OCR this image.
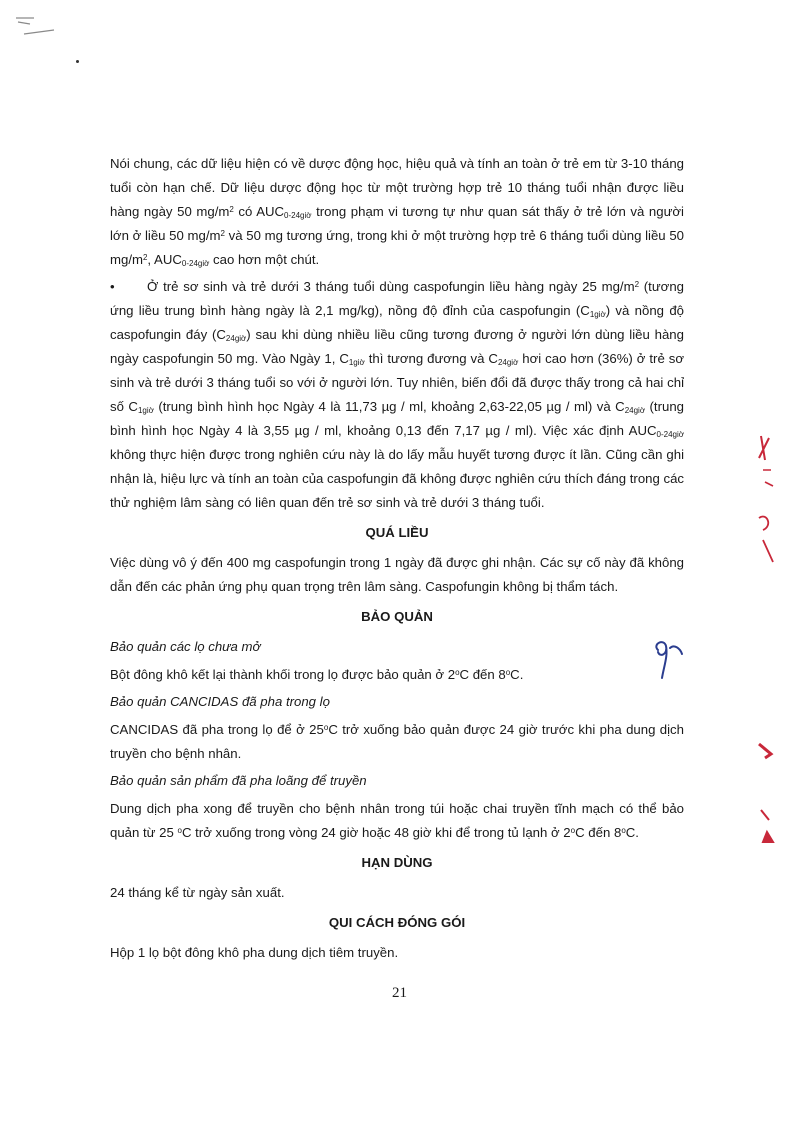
Nói chung, các dữ liệu hiện có về dược động học, hiệu quả và tính an toàn ở trẻ em từ 3-10 tháng tuổi còn hạn chế. Dữ liệu dược động học từ một trường hợp trẻ 10 tháng tuổi nhận được liều hàng ngày 50 $mg/m^2$ có $AUC_{0-24giờ}$ trong phạm vi tương tự như quan sát thấy ở trẻ lớn và người lớn ở liều 50 $mg/m^2$ và 50 mg tương ứng, trong khi ở một trường hợp trẻ 6 tháng tuổi dùng liều 50 $mg/m^2$, $AUC_{0-24giờ}$ cao hơn một chút.

• Ở trẻ sơ sinh và trẻ dưới 3 tháng tuổi dùng caspofungin liều hàng ngày 25 $mg/m^2$ (tương ứng liều trung bình hàng ngày là 2,1 mg/kg), nồng độ đỉnh của caspofungin $(C_{1giờ})$ và nồng độ caspofungin đáy $(C_{24giờ})$ sau khi dùng nhiều liều cũng tương đương ở người lớn dùng liều hàng ngày caspofungin 50 mg. Vào Ngày 1, $C_{1giờ}$ thì tương đương và $C_{24giờ}$ hơi cao hơn (36%) ở trẻ sơ sinh và trẻ dưới 3 tháng tuổi so với ở người lớn. Tuy nhiên, biến đổi đã được thấy trong cả hai chỉ số $C_{1giờ}$ (trung bình hình học Ngày 4 là 11,73 µg / ml, khoảng 2,63-22,05 µg / ml) và $C_{24giờ}$ (trung bình hình học Ngày 4 là 3,55 µg / ml, khoảng 0,13 đến 7,17 µg / ml). Việc xác định $AUC_{0-24giờ}$ không thực hiện được trong nghiên cứu này là do lấy mẫu huyết tương được ít lần. Cũng cần ghi nhận là, hiệu lực và tính an toàn của caspofungin đã không được nghiên cứu thích đáng trong các thử nghiệm lâm sàng có liên quan đến trẻ sơ sinh và trẻ dưới 3 tháng tuổi.

QUÁ LIỀU

Việc dùng vô ý đến 400 mg caspofungin trong 1 ngày đã được ghi nhận. Các sự cố này đã không dẫn đến các phản ứng phụ quan trọng trên lâm sàng. Caspofungin không bị thẩm tách.

BẢO QUẢN

Bảo quản các lọ chưa mở

Bột đông khô kết lại thành khối trong lọ được bảo quản ở 2$^o$C đến 8$^o$C.

Bảo quản CANCIDAS đã pha trong lọ

CANCIDAS đã pha trong lọ để ở 25$^o$C trở xuống bảo quản được 24 giờ trước khi pha dung dịch truyền cho bệnh nhân.

Bảo quản sản phẩm đã pha loãng để truyền

Dung dịch pha xong để truyền cho bệnh nhân trong túi hoặc chai truyền tĩnh mạch có thể bảo quản từ 25 $^o$C trở xuống trong vòng 24 giờ hoặc 48 giờ khi để trong tủ lạnh ở 2$^o$C đến 8$^o$C.

HẠN DÙNG

24 tháng kể từ ngày sản xuất.

QUI CÁCH ĐÓNG GÓI

Hộp 1 lọ bột đông khô pha dung dịch tiêm truyền.

21
